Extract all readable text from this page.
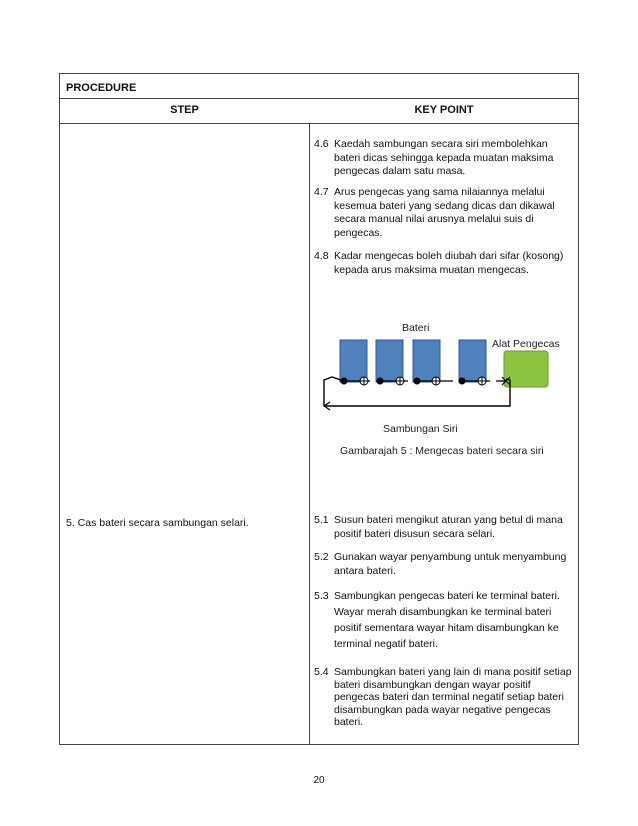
PROCEDURE
STEP	KEY POINT
4.6 Kaedah sambungan secara siri membolehkan bateri dicas sehingga kepada muatan maksima pengecas dalam satu masa.
4.7 Arus pengecas yang sama nilaiannya melalui kesemua bateri yang sedang dicas dan dikawal secara manual nilai arusnya melalui suis di pengecas.
4.8 Kadar mengecas boleh diubah dari sifar (kosong) kepada arus maksima muatan mengecas.
Bateri
Alat Pengecas
Sambungan Siri
Gambarajah 5 : Mengecas bateri secara siri
5. Cas bateri secara sambungan selari.	5.1 Susun bateri mengikut aturan yang betul di mana positif bateri disusun secara selari.
5.2 Gunakan wayar penyambung untuk menyambung antara bateri.
5.3 Sambungkan pengecas bateri ke terminal bateri. Wayar merah disambungkan ke terminal bateri positif sementara wayar hitam disambungkan ke terminal negatif bateri.
5.4 Sambungkan bateri yang lain di mana positif setiap bateri disambungkan dengan wayar positif pengecas bateri dan terminal negatif setiap bateri disambungkan pada wayar negative pengecas bateri.
20
